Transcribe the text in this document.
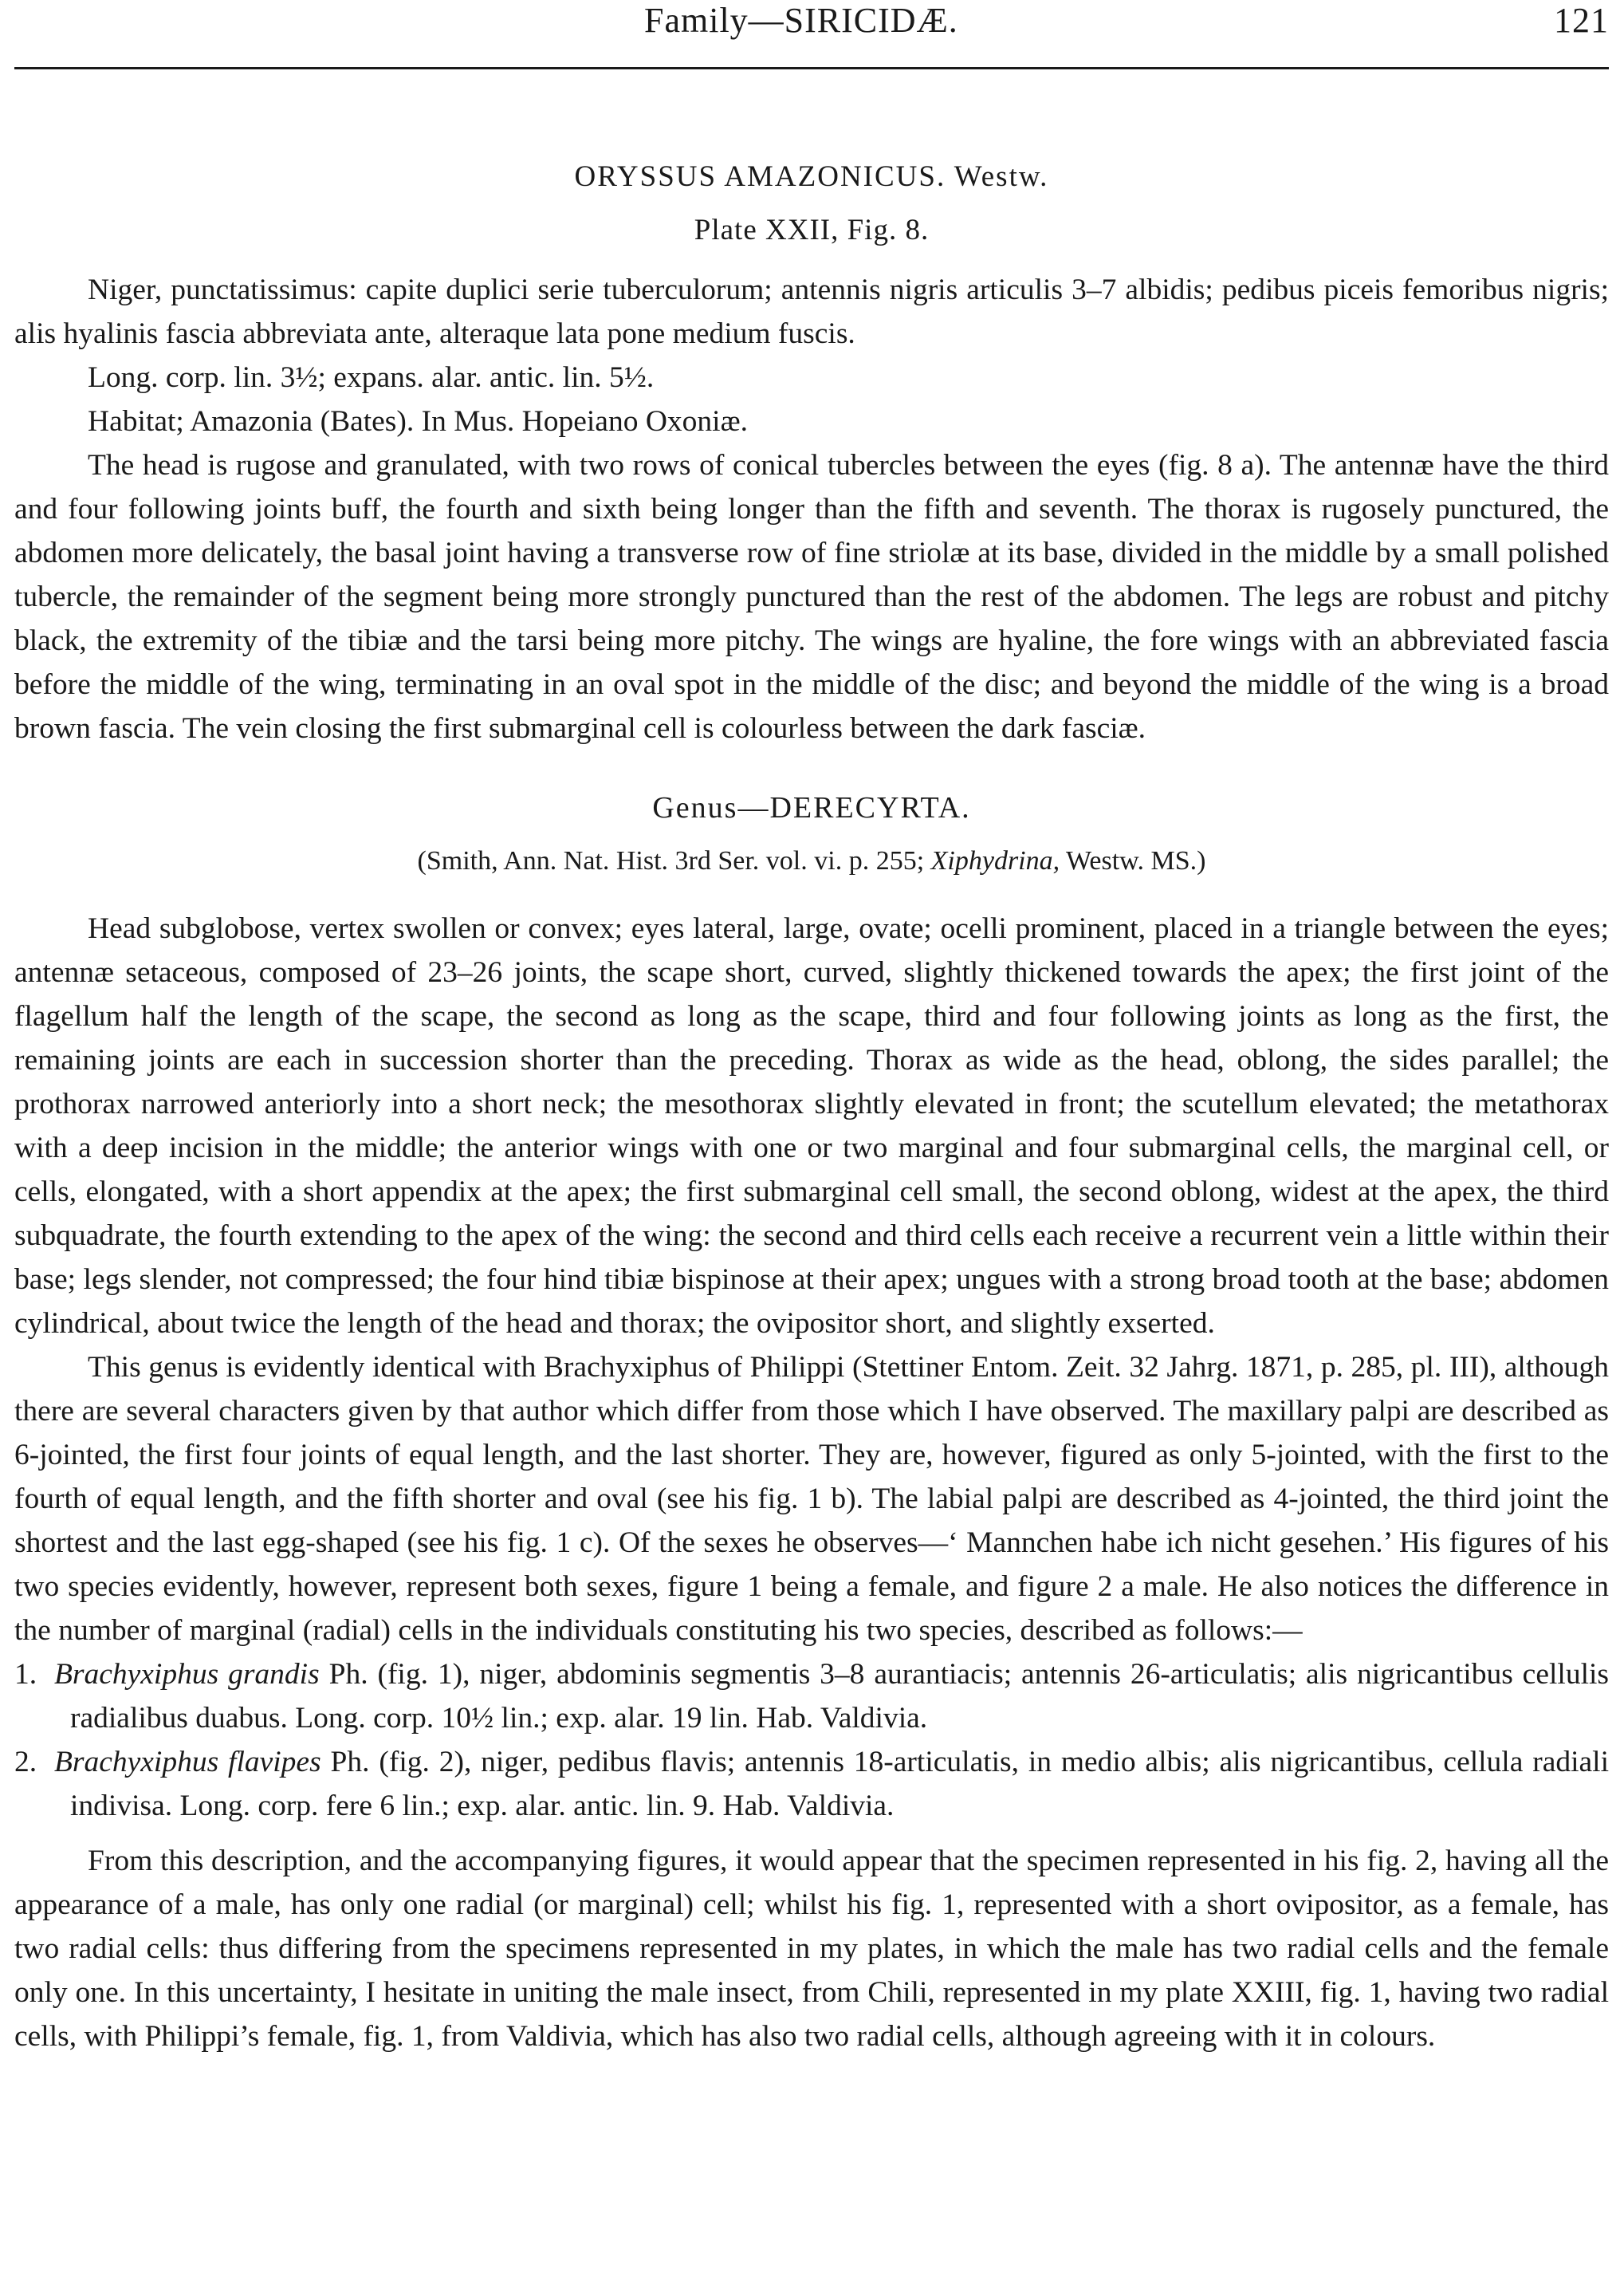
Family—SIRICIDÆ.	121
ORYSSUS AMAZONICUS. Westw.
Plate XXII, Fig. 8.

Niger, punctatissimus: capite duplici serie tuberculorum; antennis nigris articulis 3–7 albidis; pedibus piceis femoribus nigris; alis hyalinis fascia abbreviata ante, alteraque lata pone medium fuscis.

Long. corp. lin. 3½; expans. alar. antic. lin. 5½.

Habitat; Amazonia (Bates). In Mus. Hopeiano Oxoniæ.

The head is rugose and granulated, with two rows of conical tubercles between the eyes (fig. 8 a). The antennæ have the third and four following joints buff, the fourth and sixth being longer than the fifth and seventh. The thorax is rugosely punctured, the abdomen more delicately, the basal joint having a transverse row of fine striolæ at its base, divided in the middle by a small polished tubercle, the remainder of the segment being more strongly punctured than the rest of the abdomen. The legs are robust and pitchy black, the extremity of the tibiæ and the tarsi being more pitchy. The wings are hyaline, the fore wings with an abbreviated fascia before the middle of the wing, terminating in an oval spot in the middle of the disc; and beyond the middle of the wing is a broad brown fascia. The vein closing the first submarginal cell is colourless between the dark fasciæ.

Genus—DERECYRTA.
(Smith, Ann. Nat. Hist. 3rd Ser. vol. vi. p. 255; Xiphydrina, Westw. MS.)

Head subglobose, vertex swollen or convex; eyes lateral, large, ovate; ocelli prominent, placed in a triangle between the eyes; antennæ setaceous, composed of 23–26 joints, the scape short, curved, slightly thickened towards the apex; the first joint of the flagellum half the length of the scape, the second as long as the scape, third and four following joints as long as the first, the remaining joints are each in succession shorter than the preceding. Thorax as wide as the head, oblong, the sides parallel; the prothorax narrowed anteriorly into a short neck; the mesothorax slightly elevated in front; the scutellum elevated; the metathorax with a deep incision in the middle; the anterior wings with one or two marginal and four submarginal cells, the marginal cell, or cells, elongated, with a short appendix at the apex; the first submarginal cell small, the second oblong, widest at the apex, the third subquadrate, the fourth extending to the apex of the wing: the second and third cells each receive a recurrent vein a little within their base; legs slender, not compressed; the four hind tibiæ bispinose at their apex; ungues with a strong broad tooth at the base; abdomen cylindrical, about twice the length of the head and thorax; the ovipositor short, and slightly exserted.

This genus is evidently identical with Brachyxiphus of Philippi (Stettiner Entom. Zeit. 32 Jahrg. 1871, p. 285, pl. III), although there are several characters given by that author which differ from those which I have observed. The maxillary palpi are described as 6-jointed, the first four joints of equal length, and the last shorter. They are, however, figured as only 5-jointed, with the first to the fourth of equal length, and the fifth shorter and oval (see his fig. 1 b). The labial palpi are described as 4-jointed, the third joint the shortest and the last egg-shaped (see his fig. 1 c). Of the sexes he observes—‘ Mannchen habe ich nicht gesehen.’ His figures of his two species evidently, however, represent both sexes, figure 1 being a female, and figure 2 a male. He also notices the difference in the number of marginal (radial) cells in the individuals constituting his two species, described as follows:—

1. Brachyxiphus grandis Ph. (fig. 1), niger, abdominis segmentis 3–8 aurantiacis; antennis 26-articulatis; alis nigricantibus cellulis radialibus duabus. Long. corp. 10½ lin.; exp. alar. 19 lin. Hab. Valdivia.

2. Brachyxiphus flavipes Ph. (fig. 2), niger, pedibus flavis; antennis 18-articulatis, in medio albis; alis nigricantibus, cellula radiali indivisa. Long. corp. fere 6 lin.; exp. alar. antic. lin. 9. Hab. Valdivia.

From this description, and the accompanying figures, it would appear that the specimen represented in his fig. 2, having all the appearance of a male, has only one radial (or marginal) cell; whilst his fig. 1, represented with a short ovipositor, as a female, has two radial cells: thus differing from the specimens represented in my plates, in which the male has two radial cells and the female only one. In this uncertainty, I hesitate in uniting the male insect, from Chili, represented in my plate XXIII, fig. 1, having two radial cells, with Philippi’s female, fig. 1, from Valdivia, which has also two radial cells, although agreeing with it in colours.
